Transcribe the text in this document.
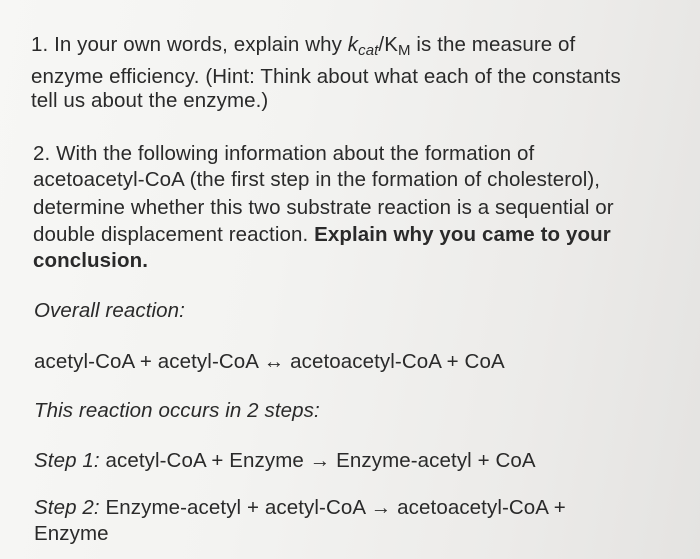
1. In your own words, explain why $k_{cat}/K_M$ is the measure of
enzyme efficiency. (Hint: Think about what each of the constants
tell us about the enzyme.)
2. With the following information about the formation of
acetoacetyl-CoA (the first step in the formation of cholesterol),
determine whether this two substrate reaction is a sequential or
double displacement reaction. Explain why you came to your
conclusion.
Overall reaction:
acetyl-CoA + acetyl-CoA ↔ acetoacetyl-CoA + CoA
This reaction occurs in 2 steps:
Step 1: acetyl-CoA + Enzyme → Enzyme-acetyl + CoA
Step 2: Enzyme-acetyl + acetyl-CoA → acetoacetyl-CoA +
Enzyme
